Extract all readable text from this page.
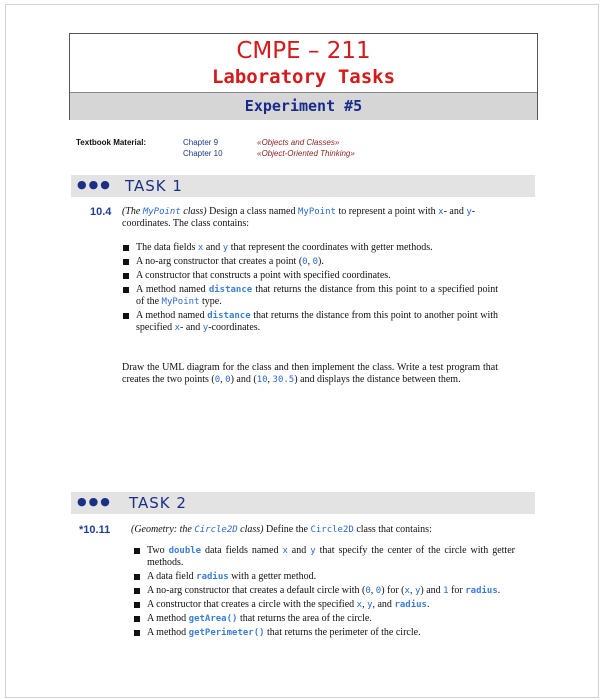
CMPE – 211
Laboratory Tasks
Experiment #5
Textbook Material:	Chapter 9
Chapter 10
«Objects and Classes»
«Object-Oriented Thinking»
●●● TASK 1
10.4 (The MyPoint class) Design a class named MyPoint to represent a point with x- and y-coordinates. The class contains:
The data fields x and y that represent the coordinates with getter methods.
A no-arg constructor that creates a point (0, 0).
A constructor that constructs a point with specified coordinates.
A method named distance that returns the distance from this point to a specified point of the MyPoint type.
A method named distance that returns the distance from this point to another point with specified x- and y-coordinates.
Draw the UML diagram for the class and then implement the class. Write a test program that creates the two points (0, 0) and (10, 30.5) and displays the distance between them.
●●● TASK 2
*10.11 (Geometry: the Circle2D class) Define the Circle2D class that contains:
Two double data fields named x and y that specify the center of the circle with getter methods.
A data field radius with a getter method.
A no-arg constructor that creates a default circle with (0, 0) for (x, y) and 1 for radius.
A constructor that creates a circle with the specified x, y, and radius.
A method getArea() that returns the area of the circle.
A method getPerimeter() that returns the perimeter of the circle.
